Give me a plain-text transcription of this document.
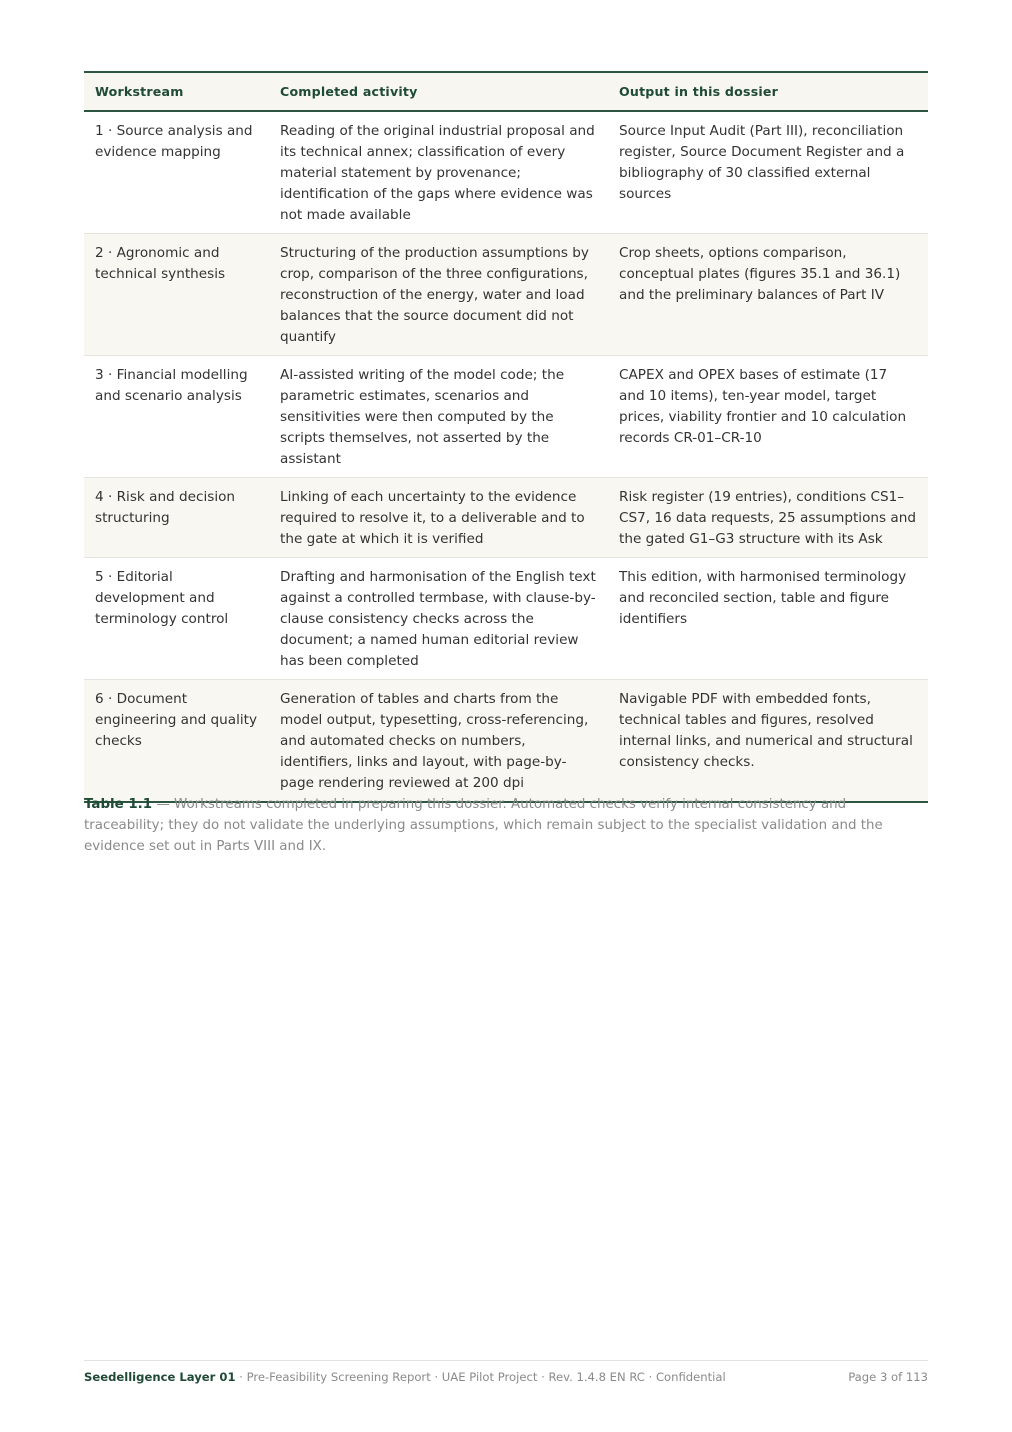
Workstream	Completed activity	Output in this dossier
1 · Source analysis and evidence mapping	Reading of the original industrial proposal and its technical annex; classification of every material statement by provenance; identification of the gaps where evidence was not made available	Source Input Audit (Part III), reconciliation register, Source Document Register and a bibliography of 30 classified external sources
2 · Agronomic and technical synthesis	Structuring of the production assumptions by crop, comparison of the three configurations, reconstruction of the energy, water and load balances that the source document did not quantify	Crop sheets, options comparison, conceptual plates (figures 35.1 and 36.1) and the preliminary balances of Part IV
3 · Financial modelling and scenario analysis	AI-assisted writing of the model code; the parametric estimates, scenarios and sensitivities were then computed by the scripts themselves, not asserted by the assistant	CAPEX and OPEX bases of estimate (17 and 10 items), ten-year model, target prices, viability frontier and 10 calculation records CR-01–CR-10
4 · Risk and decision structuring	Linking of each uncertainty to the evidence required to resolve it, to a deliverable and to the gate at which it is verified	Risk register (19 entries), conditions CS1–CS7, 16 data requests, 25 assumptions and the gated G1–G3 structure with its Ask
5 · Editorial development and terminology control	Drafting and harmonisation of the English text against a controlled termbase, with clause-by-clause consistency checks across the document; a named human editorial review has been completed	This edition, with harmonised terminology and reconciled section, table and figure identifiers
6 · Document engineering and quality checks	Generation of tables and charts from the model output, typesetting, cross-referencing, and automated checks on numbers, identifiers, links and layout, with page-by-page rendering reviewed at 200 dpi	Navigable PDF with embedded fonts, technical tables and figures, resolved internal links, and numerical and structural consistency checks.
Table 1.1 — Workstreams completed in preparing this dossier. Automated checks verify internal consistency and traceability; they do not validate the underlying assumptions, which remain subject to the specialist validation and the evidence set out in Parts VIII and IX.
Seedelligence Layer 01 · Pre-Feasibility Screening Report · UAE Pilot Project · Rev. 1.4.8 EN RC · Confidential	Page 3 of 113
